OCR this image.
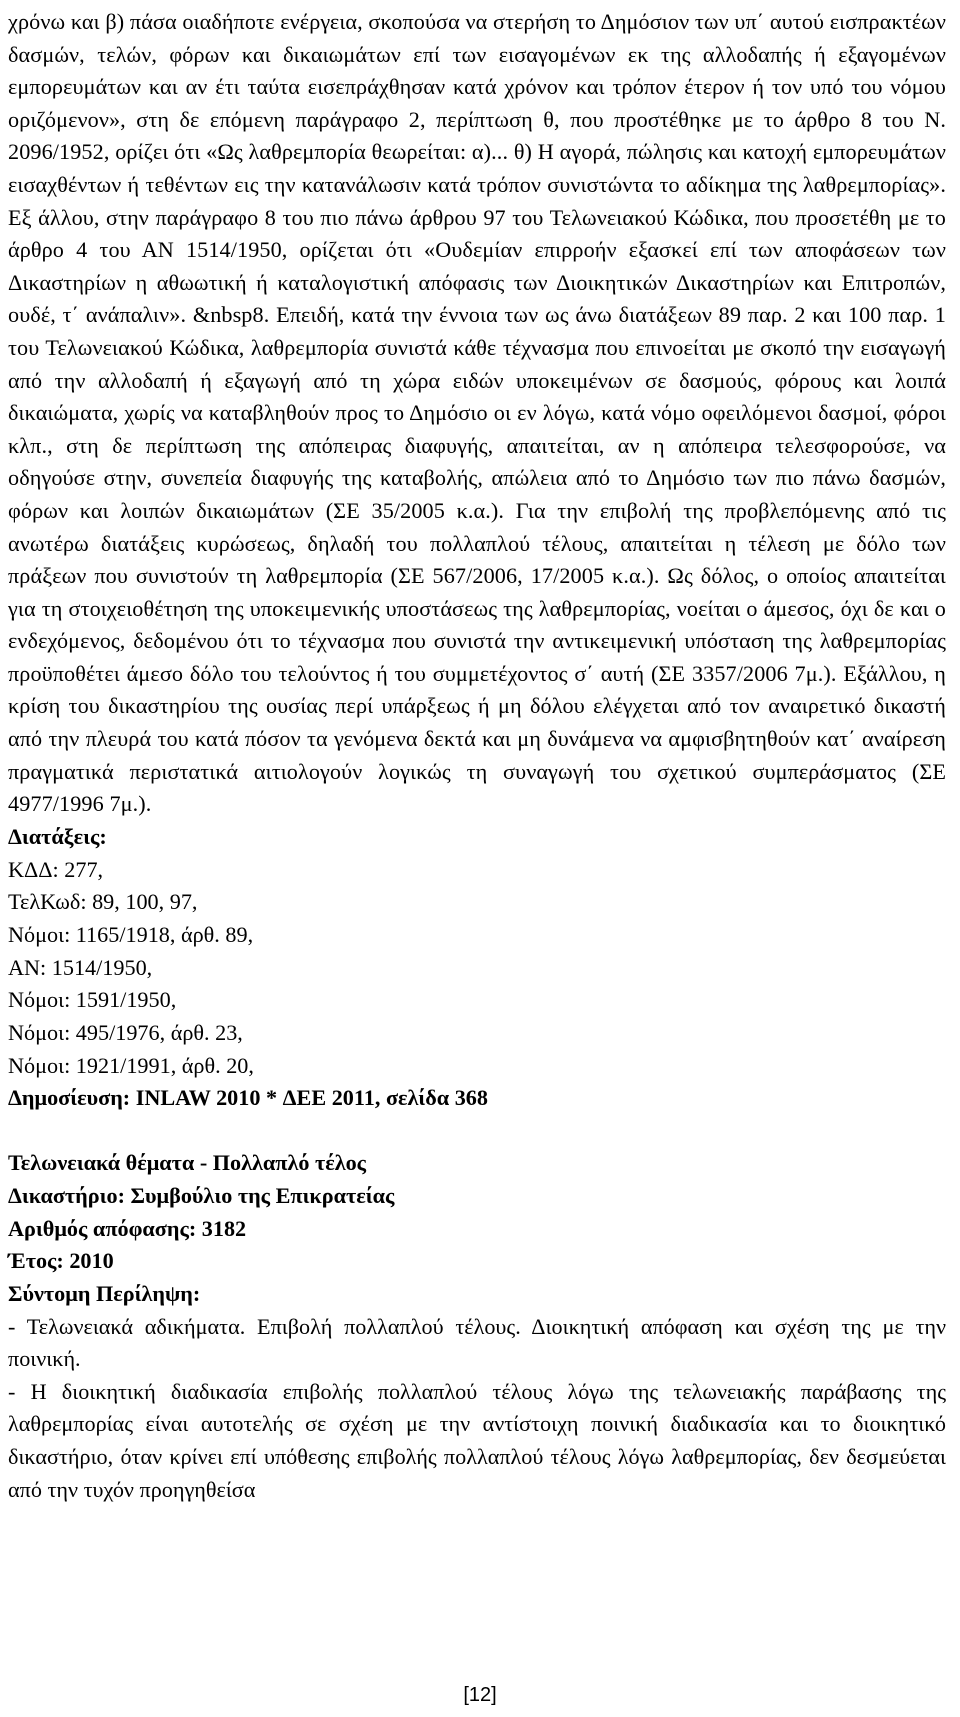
χρόνω και β) πάσα οιαδήποτε ενέργεια, σκοπούσα να στερήση το Δημόσιον των υπ΄ αυτού εισπρακτέων δασμών, τελών, φόρων και δικαιωμάτων επί των εισαγομένων εκ της αλλοδαπής ή εξαγομένων εμπορευμάτων και αν έτι ταύτα εισεπράχθησαν κατά χρόνον και τρόπον έτερον ή τον υπό του νόμου οριζόμενον», στη δε επόμενη παράγραφο 2, περίπτωση θ, που προστέθηκε με το άρθρο 8 του Ν. 2096/1952, ορίζει ότι «Ως λαθρεμπορία θεωρείται: α)... θ) Η αγορά, πώλησις και κατοχή εμπορευμάτων εισαχθέντων ή τεθέντων εις την κατανάλωσιν κατά τρόπον συνιστώντα το αδίκημα της λαθρεμπορίας». Εξ άλλου, στην παράγραφο 8 του πιο πάνω άρθρου 97 του Τελωνειακού Κώδικα, που προσετέθη με το άρθρο 4 του ΑΝ 1514/1950, ορίζεται ότι «Ουδεμίαν επιρροήν εξασκεί επί των αποφάσεων των Δικαστηρίων η αθωωτική ή καταλογιστική απόφασις των Διοικητικών Δικαστηρίων και Επιτροπών, ουδέ, τ΄ ανάπαλιν». &nbsp8. Επειδή, κατά την έννοια των ως άνω διατάξεων 89 παρ. 2 και 100 παρ. 1 του Τελωνειακού Κώδικα, λαθρεμπορία συνιστά κάθε τέχνασμα που επινοείται με σκοπό την εισαγωγή από την αλλοδαπή ή εξαγωγή από τη χώρα ειδών υποκειμένων σε δασμούς, φόρους και λοιπά δικαιώματα, χωρίς να καταβληθούν προς το Δημόσιο οι εν λόγω, κατά νόμο οφειλόμενοι δασμοί, φόροι κλπ., στη δε περίπτωση της απόπειρας διαφυγής, απαιτείται, αν η απόπειρα τελεσφορούσε, να οδηγούσε στην, συνεπεία διαφυγής της καταβολής, απώλεια από το Δημόσιο των πιο πάνω δασμών, φόρων και λοιπών δικαιωμάτων (ΣΕ 35/2005 κ.α.). Για την επιβολή της προβλεπόμενης από τις ανωτέρω διατάξεις κυρώσεως, δηλαδή του πολλαπλού τέλους, απαιτείται η τέλεση με δόλο των πράξεων που συνιστούν τη λαθρεμπορία (ΣΕ 567/2006, 17/2005 κ.α.). Ως δόλος, ο οποίος απαιτείται για τη στοιχειοθέτηση της υποκειμενικής υποστάσεως της λαθρεμπορίας, νοείται ο άμεσος, όχι δε και ο ενδεχόμενος, δεδομένου ότι το τέχνασμα που συνιστά την αντικειμενική υπόσταση της λαθρεμπορίας προϋποθέτει άμεσο δόλο του τελούντος ή του συμμετέχοντος σ΄ αυτή (ΣΕ 3357/2006 7μ.). Εξάλλου, η κρίση του δικαστηρίου της ουσίας περί υπάρξεως ή μη δόλου ελέγχεται από τον αναιρετικό δικαστή από την πλευρά του κατά πόσον τα γενόμενα δεκτά και μη δυνάμενα να αμφισβητηθούν κατ΄ αναίρεση πραγματικά περιστατικά αιτιολογούν λογικώς τη συναγωγή του σχετικού συμπεράσματος (ΣΕ 4977/1996 7μ.).

Διατάξεις:
ΚΔΔ: 277,
ΤελΚωδ: 89, 100, 97,
Νόμοι: 1165/1918, άρθ. 89,
ΑΝ: 1514/1950,
Νόμοι: 1591/1950,
Νόμοι: 495/1976, άρθ. 23,
Νόμοι: 1921/1991, άρθ. 20,
Δημοσίευση: INLAW 2010 * ΔΕΕ 2011, σελίδα 368
Τελωνειακά θέματα - Πολλαπλό τέλος
Δικαστήριο: Συμβούλιο της Επικρατείας
Αριθμός απόφασης: 3182
Έτος: 2010
Σύντομη Περίληψη:

- Τελωνειακά αδικήματα. Επιβολή πολλαπλού τέλους. Διοικητική απόφαση και σχέση της με την ποινική.

- Η διοικητική διαδικασία επιβολής πολλαπλού τέλους λόγω της τελωνειακής παράβασης της λαθρεμπορίας είναι αυτοτελής σε σχέση με την αντίστοιχη ποινική διαδικασία και το διοικητικό δικαστήριο, όταν κρίνει επί υπόθεσης επιβολής πολλαπλού τέλους λόγω λαθρεμπορίας, δεν δεσμεύεται από την τυχόν προηγηθείσα

[12]
